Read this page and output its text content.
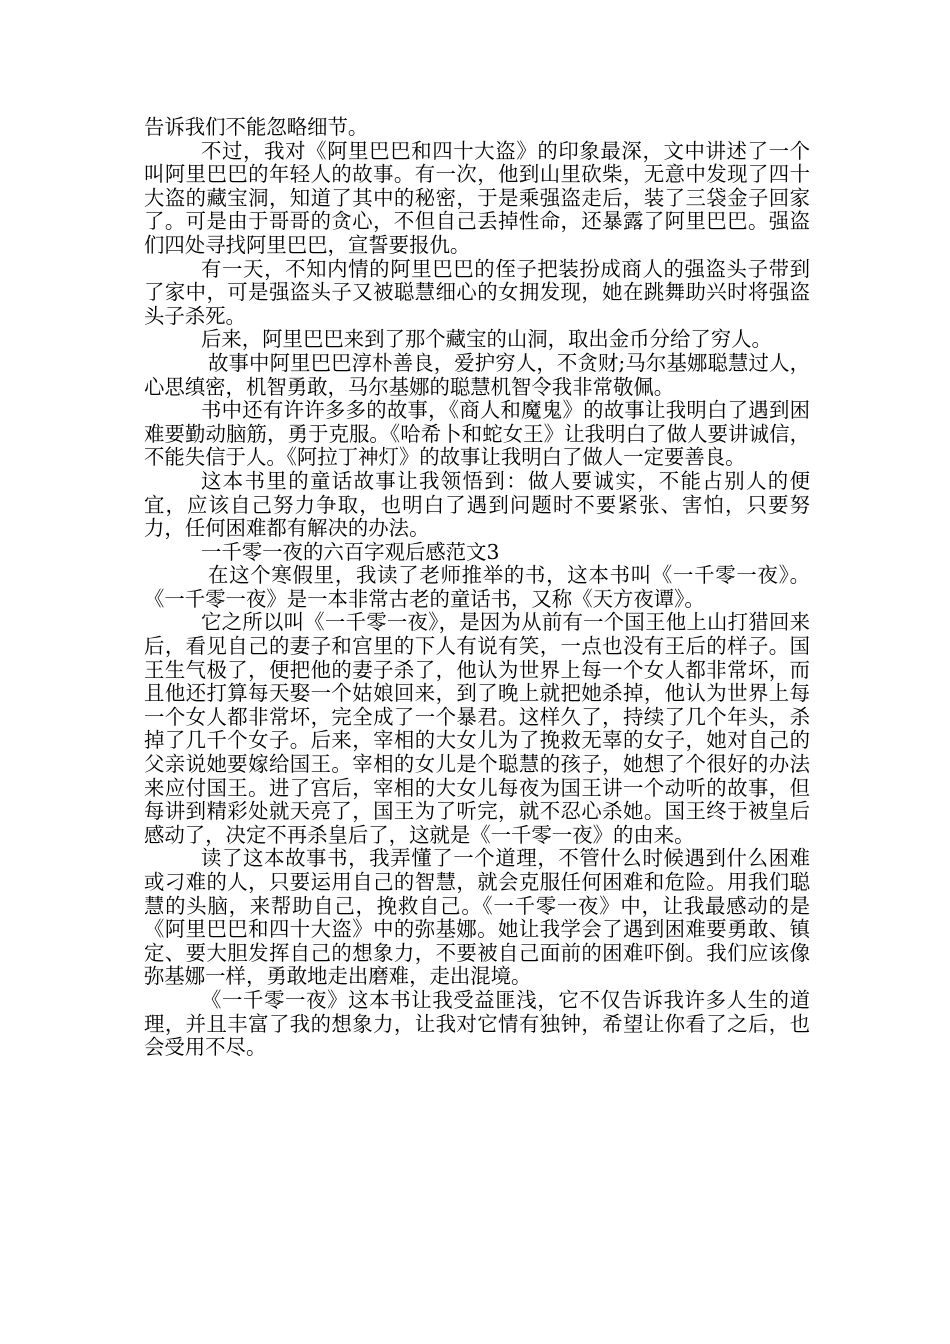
告诉我们不能忽略细节。

不过，我对《阿里巴巴和四十大盗》的印象最深，文中讲述了一个叫阿里巴巴的年轻人的故事。有一次，他到山里砍柴，无意中发现了四十大盗的藏宝洞，知道了其中的秘密，于是乘强盗走后，装了三袋金子回家了。可是由于哥哥的贪心，不但自己丢掉性命，还暴露了阿里巴巴。强盗们四处寻找阿里巴巴，宣誓要报仇。

有一天，不知内情的阿里巴巴的侄子把装扮成商人的强盗头子带到了家中，可是强盗头子又被聪慧细心的女拥发现，她在跳舞助兴时将强盗头子杀死。

后来，阿里巴巴来到了那个藏宝的山洞，取出金币分给了穷人。

故事中阿里巴巴淳朴善良，爱护穷人，不贪财;马尔基娜聪慧过人，心思缜密，机智勇敢，马尔基娜的聪慧机智令我非常敬佩。

书中还有许许多多的故事，《商人和魔鬼》的故事让我明白了遇到困难要勤动脑筋，勇于克服。《哈希卜和蛇女王》让我明白了做人要讲诚信，不能失信于人。《阿拉丁神灯》的故事让我明白了做人一定要善良。

这本书里的童话故事让我领悟到：做人要诚实，不能占别人的便宜，应该自己努力争取，也明白了遇到问题时不要紧张、害怕，只要努力，任何困难都有解决的办法。

一千零一夜的六百字观后感范文3

在这个寒假里，我读了老师推举的书，这本书叫《一千零一夜》。《一千零一夜》是一本非常古老的童话书，又称《天方夜谭》。

它之所以叫《一千零一夜》，是因为从前有一个国王他上山打猎回来后，看见自己的妻子和宫里的下人有说有笑，一点也没有王后的样子。国王生气极了，便把他的妻子杀了，他认为世界上每一个女人都非常坏，而且他还打算每天娶一个姑娘回来，到了晚上就把她杀掉，他认为世界上每一个女人都非常坏，完全成了一个暴君。这样久了，持续了几个年头，杀掉了几千个女子。后来，宰相的大女儿为了挽救无辜的女子，她对自己的父亲说她要嫁给国王。宰相的女儿是个聪慧的孩子，她想了个很好的办法来应付国王。进了宫后，宰相的大女儿每夜为国王讲一个动听的故事，但每讲到精彩处就天亮了，国王为了听完，就不忍心杀她。国王终于被皇后感动了，决定不再杀皇后了，这就是《一千零一夜》的由来。

读了这本故事书，我弄懂了一个道理，不管什么时候遇到什么困难或刁难的人，只要运用自己的智慧，就会克服任何困难和危险。用我们聪慧的头脑，来帮助自己，挽救自己。《一千零一夜》中，让我最感动的是《阿里巴巴和四十大盗》中的弥基娜。她让我学会了遇到困难要勇敢、镇定、要大胆发挥自己的想象力，不要被自己面前的困难吓倒。我们应该像弥基娜一样，勇敢地走出磨难，走出混境。

《一千零一夜》这本书让我受益匪浅，它不仅告诉我许多人生的道理，并且丰富了我的想象力，让我对它情有独钟，希望让你看了之后，也会受用不尽。
